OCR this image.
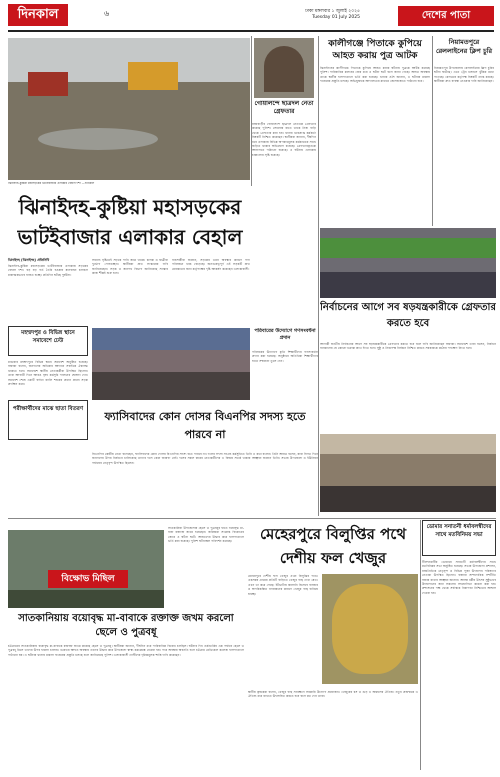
দিনকাল	৬	ঢাকা মঙ্গলবার ১ জুলাই ২০২৫
Tuesday 01 July 2025	দেশের পাতা
ঝিনাইদহ-কুষ্টিয়া মহাসড়কের ভাটইবাজার এলাকার বেহাল দশা —দিনকাল
গোয়ালন্দে ছাত্রদল নেতা গ্রেফতার
কালীগঞ্জে পিতাকে কুপিয়ে আহত করায় পুত্র আটক
নিয়ামতপুরে রেললাইনের ক্লিপ চুরি
রাজবাড়ীর গোয়ালন্দে ছাত্রদল নেতাকে গ্রেফতার করেছে পুলিশ। সোমবার রাতে তাকে নিজ বাড়ি থেকে গ্রেফতার করা হয়। থানার ভারপ্রাপ্ত কর্মকর্তা বিষয়টি নিশ্চিত করেছেন। স্থানীয়রা জানান, দীর্ঘদিন ধরে এলাকায় বিভিন্ন অপরাধমূলক কর্মকাণ্ডের সাথে জড়িত থাকার অভিযোগ রয়েছে। গ্রেফতারকৃতকে আদালতে পাঠানো হয়েছে। এ ঘটনায় এলাকায় চাঞ্চল্যের সৃষ্টি হয়েছে।
ঝিনাইদহের কালীগঞ্জে পিতাকে কুপিয়ে আহত করার ঘটনায় পুত্রকে আটক করেছে পুলিশ। পারিবারিক কলহের জের ধরে এ ঘটনা ঘটে বলে জানা গেছে। আহত অবস্থায় তাকে স্থানীয় হাসপাতালে ভর্তি করা হয়েছে। থানার ওসি জানান, এ ঘটনায় মামলা দায়েরের প্রস্তুতি চলছে। অভিযুক্তকে আদালতের মাধ্যমে জেলহাজতে পাঠানো হবে।
নিয়ামতপুর উপজেলায় রেললাইনের ক্লিপ চুরির ঘটনা ঘটেছে। এতে ট্রেন চলাচল ঝুঁকির মধ্যে পড়েছে। রেলওয়ে কর্তৃপক্ষ বিষয়টি তদন্ত করছে। স্থানীয়রা দ্রুত ব্যবস্থা নেওয়ার দাবি জানিয়েছেন।
ঝিনাইদহ-কুষ্টিয়া মহাসড়কের
ভাটইবাজার এলাকার বেহাল
ঝিনাইদহ (ঝিনাইদহ) প্রতিনিধি
ঝিনাইদহ-কুষ্টিয়া মহাসড়কের ভাটইবাজার এলাকায় সড়কের বেহাল দশা। বড় বড় গর্ত তৈরি হওয়ায় যানবাহন চলাচল মারাত্মকভাবে ব্যাহত হচ্ছে। প্রতিদিন ঘটছে দুর্ঘটনা।
সামান্য বৃষ্টিতেই সড়কে পানি জমে থাকে। চালক ও যাত্রীরা দুর্ভোগ পোহাচ্ছেন। স্থানীয়রা দ্রুত সংস্কারের দাবি জানিয়েছেন। সড়ক ও জনপথ বিভাগ জানিয়েছে সংস্কার কাজ শীঘ্রই শুরু হবে।
ব্যবসায়ীরা জানান, সড়কের এমন অবস্থার কারণে পণ্য পরিবহনে খরচ বেড়েছে। জনগুরুত্বপূর্ণ এই সড়কটি দ্রুত মেরামতের জন্য কর্তৃপক্ষের দৃষ্টি আকর্ষণ করেছেন এলাকাবাসী।
মহম্মদপুর ও বিভিন্ন স্থানে সমাবেশে ঢেউ
মাগুরার মহম্মদপুরে বিভিন্ন স্থানে সমাবেশ অনুষ্ঠিত হয়েছে। বক্তারা বলেন, জনগণের অধিকার আদায়ে সবাইকে ঐক্যবদ্ধ থাকতে হবে। সমাবেশে স্থানীয় নেতাকর্মীরা উপস্থিত ছিলেন। তারা আগামী দিনে আরও বৃহৎ কর্মসূচি পালনের ঘোষণা দেন। সমাবেশ শেষে একটি বর্ণাঢ্য র‍্যালি শহরের প্রধান প্রধান সড়ক প্রদক্ষিণ করে।
পরিবারের উদ্যোগে গণসংবর্ধনা প্রদান
পরিবারের উদ্যোগে কৃতি শিক্ষার্থীদের গণসংবর্ধনা প্রদান করা হয়েছে। অনুষ্ঠানে অতিথিরা শিক্ষার্থীদের হাতে সম্মাননা তুলে দেন।
নির্বাচনের আগে সব ষড়যন্ত্রকারীকে গ্রেফতার করতে হবে
পরীক্ষার্থীদের মাঝে ছাতা বিতরণ
ফ্যাসিবাদের কোন দোসর বিএনপির সদস্য হতে পারবে না
বিএনপির কেন্দ্রীয় নেতা বলেছেন, ফ্যাসিবাদের কোন দোসর বিএনপির সদস্য হতে পারবে না। দলের সদস্য সংগ্রহ কর্মসূচিতে তিনি এ কথা বলেন। তিনি আরও বলেন, যারা বিগত দিনে জনগণের উপর নির্যাতন চালিয়েছে তাদের দলে কোন জায়গা নেই। দলের সকল স্তরের নেতাকর্মীদের এ বিষয়ে সতর্ক থাকার আহ্বান জানান তিনি। সভায় উপজেলা ও ইউনিয়ন পর্যায়ের নেতৃবৃন্দ উপস্থিত ছিলেন।
আগামী জাতীয় নির্বাচনের আগে সব ষড়যন্ত্রকারীকে গ্রেফতার করতে হবে বলে দাবি জানিয়েছেন বক্তারা। সমাবেশে তারা বলেন, নির্বাচন বানচালের যে কোনো চক্রান্ত রুখে দিতে হবে। সুষ্ঠু ও নিরপেক্ষ নির্বাচন নিশ্চিত করতে সরকারকে কঠোর পদক্ষেপ নিতে হবে।
বিক্ষোভ মিছিল
সাতকানিয়া উপজেলায় ছেলে ও পুত্রবধূর হাতে বয়োবৃদ্ধ মা-বাবা রক্তাক্ত জখম হয়েছেন। জমিজমা সংক্রান্ত বিরোধের জেরে এ ঘটনা ঘটে। আহতদের উদ্ধার করে হাসপাতালে ভর্তি করা হয়েছে। পুলিশ ঘটনাস্থল পরিদর্শন করেছে।	মেহেরপুরে বিলুপ্তির পথে
দেশীয় ফল খেজুর
মেহেরপুরে দেশীয় ফল খেজুর এখন বিলুপ্তির পথে। একসময় গ্রামের প্রতিটি বাড়িতে খেজুর গাছ দেখা যেত। এখন তা কমে গেছে। ইটভাটায় জ্বালানি হিসেবে ব্যবহার ও অপরিকল্পিত নগরায়নের কারণে খেজুর গাছ হারিয়ে যাচ্ছে।
সাতকানিয়ায় বয়োবৃদ্ধ মা-বাবাকে রক্তাক্ত জখম করলো ছেলে ও পুত্রবধূ
চট্টগ্রামের সাতকানিয়ায় বয়োবৃদ্ধ মা-বাবাকে রক্তাক্ত জখম করেছে ছেলে ও পুত্রবধূ। স্থানীয়রা জানান, দীর্ঘদিন ধরে পারিবারিক বিরোধ চলছিল। ঘটনার দিন তর্কাতর্কির এক পর্যায়ে ছেলে ও পুত্রবধূ মিলে তাদের উপর হামলা চালায়। গুরুতর আহত অবস্থায় তাদের উদ্ধার করে উপজেলা স্বাস্থ্য কমপ্লেক্সে নেওয়া হয়। পরে অবস্থার অবনতি হলে চট্টগ্রাম মেডিকেল কলেজ হাসপাতালে পাঠানো হয়। এ ঘটনায় থানায় মামলা দায়েরের প্রস্তুতি চলছে বলে জানিয়েছে পুলিশ। এলাকাবাসী দোষীদের দৃষ্টান্তমূলক শাস্তি দাবি করেছেন।
স্থানীয় কৃষকেরা বলেন, খেজুর গাছ সংরক্ষণে সরকারি উদ্যোগ প্রয়োজন। খেজুরের রস ও গুড় এ অঞ্চলের ঐতিহ্য। নতুন প্রজন্মকে এ ঐতিহ্য ধরে রাখতে উৎসাহিত করতে হবে বলে মত দেন তারা।
ডোমার সনাতনী ধর্মাবলম্বীদের সাথে মতবিনিময় সভা
নীলফামারীর ডোমারে সনাতনী ধর্মাবলম্বীদের সাথে মতবিনিময় সভা অনুষ্ঠিত হয়েছে। সভায় উপজেলা প্রশাসন, রাজনৈতিক নেতৃবৃন্দ ও বিভিন্ন পূজা উদযাপন পরিষদের নেতারা উপস্থিত ছিলেন। বক্তারা সাম্প্রদায়িক সম্প্রীতি বজায় রাখার আহ্বান জানান। আসন্ন ধর্মীয় উৎসব সুষ্ঠুভাবে উদযাপনের জন্য সকলের সহযোগিতা কামনা করা হয়। প্রশাসনের পক্ষ থেকে সর্বাত্মক নিরাপত্তা নিশ্চিতের আশ্বাস দেওয়া হয়।
